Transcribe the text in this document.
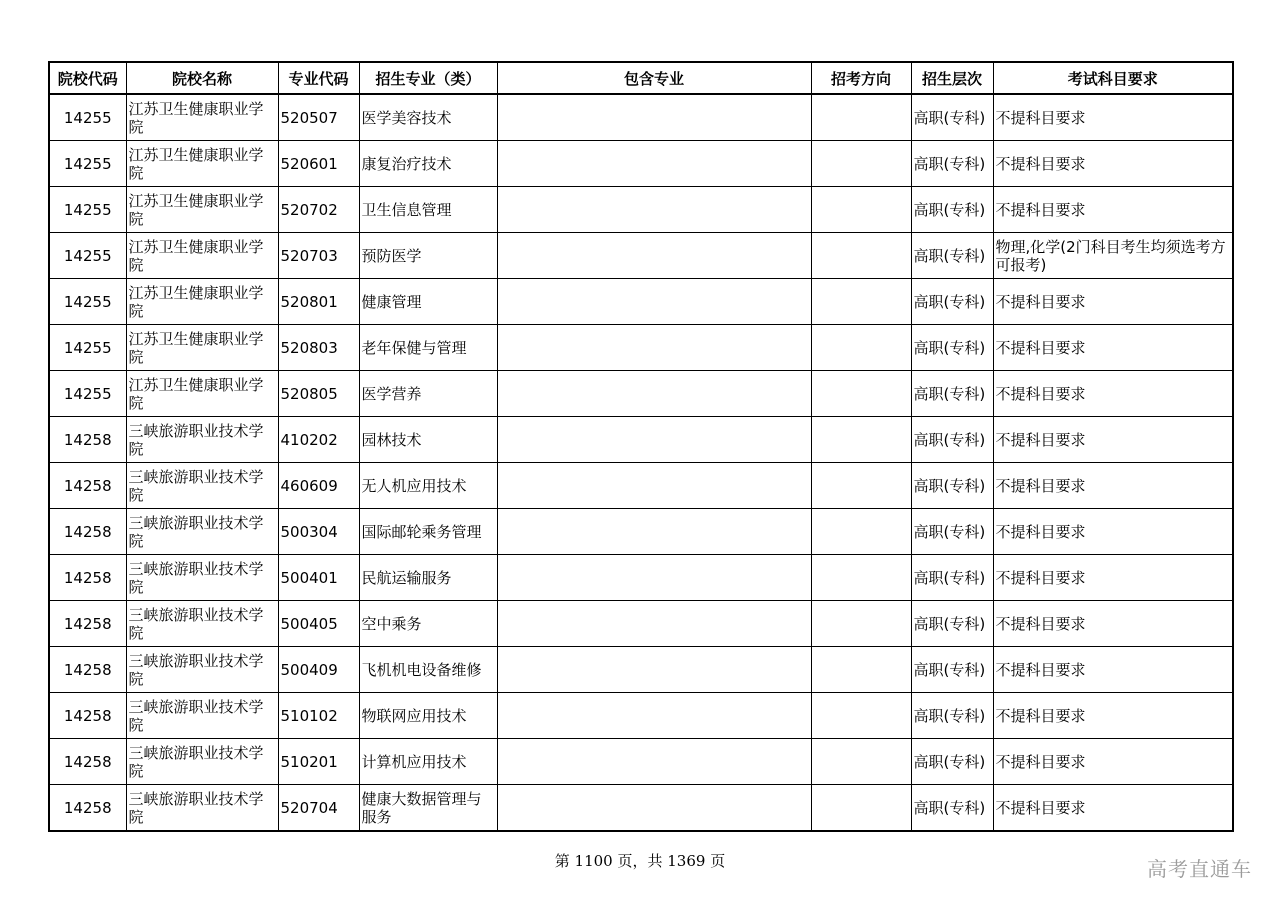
院校代码	院校名称	专业代码	招生专业（类）	包含专业	招考方向	招生层次	考试科目要求
14255	江苏卫生健康职业学院	520507	医学美容技术			高职(专科)	不提科目要求
14255	江苏卫生健康职业学院	520601	康复治疗技术			高职(专科)	不提科目要求
14255	江苏卫生健康职业学院	520702	卫生信息管理			高职(专科)	不提科目要求
14255	江苏卫生健康职业学院	520703	预防医学			高职(专科)	物理,化学(2门科目考生均须选考方可报考)
14255	江苏卫生健康职业学院	520801	健康管理			高职(专科)	不提科目要求
14255	江苏卫生健康职业学院	520803	老年保健与管理			高职(专科)	不提科目要求
14255	江苏卫生健康职业学院	520805	医学营养			高职(专科)	不提科目要求
14258	三峡旅游职业技术学院	410202	园林技术			高职(专科)	不提科目要求
14258	三峡旅游职业技术学院	460609	无人机应用技术			高职(专科)	不提科目要求
14258	三峡旅游职业技术学院	500304	国际邮轮乘务管理			高职(专科)	不提科目要求
14258	三峡旅游职业技术学院	500401	民航运输服务			高职(专科)	不提科目要求
14258	三峡旅游职业技术学院	500405	空中乘务			高职(专科)	不提科目要求
14258	三峡旅游职业技术学院	500409	飞机机电设备维修			高职(专科)	不提科目要求
14258	三峡旅游职业技术学院	510102	物联网应用技术			高职(专科)	不提科目要求
14258	三峡旅游职业技术学院	510201	计算机应用技术			高职(专科)	不提科目要求
14258	三峡旅游职业技术学院	520704	健康大数据管理与服务			高职(专科)	不提科目要求
第 1100 页，共 1369 页	高考直通车
